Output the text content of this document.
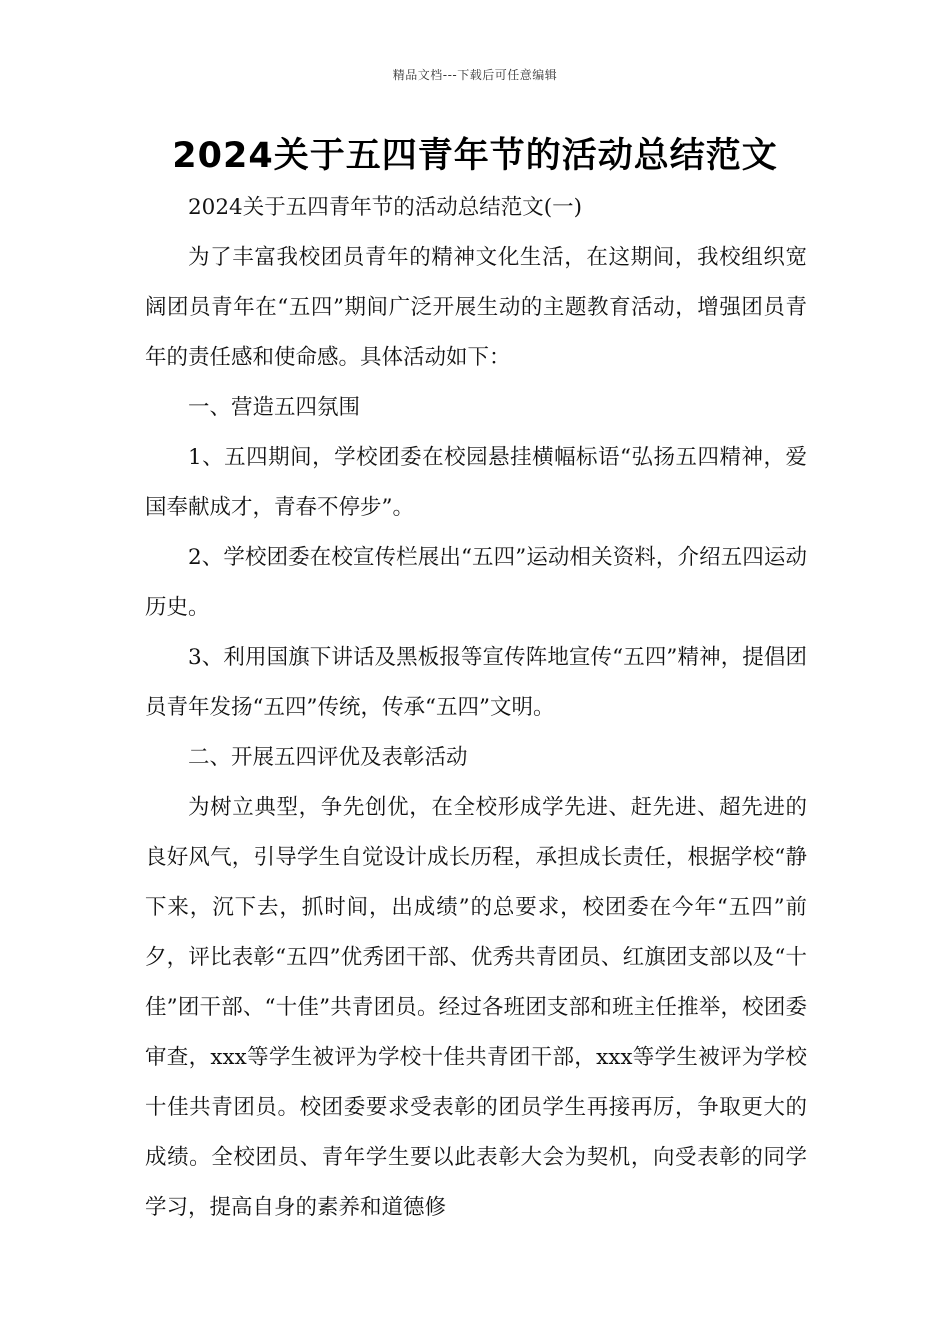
精品文档---下载后可任意编辑
2024关于五四青年节的活动总结范文

2024关于五四青年节的活动总结范文(一)

为了丰富我校团员青年的精神文化生活，在这期间，我校组织宽阔团员青年在“五四”期间广泛开展生动的主题教育活动，增强团员青年的责任感和使命感。具体活动如下：

一、营造五四氛围

1、五四期间，学校团委在校园悬挂横幅标语“弘扬五四精神，爱国奉献成才，青春不停步”。

2、学校团委在校宣传栏展出“五四”运动相关资料，介绍五四运动历史。

3、利用国旗下讲话及黑板报等宣传阵地宣传“五四”精神，提倡团员青年发扬“五四”传统，传承“五四”文明。

二、开展五四评优及表彰活动

为树立典型，争先创优，在全校形成学先进、赶先进、超先进的良好风气，引导学生自觉设计成长历程，承担成长责任，根据学校“静下来，沉下去，抓时间，出成绩”的总要求，校团委在今年“五四”前夕，评比表彰“五四”优秀团干部、优秀共青团员、红旗团支部以及“十佳”团干部、“十佳”共青团员。经过各班团支部和班主任推举，校团委审查，xxx等学生被评为学校十佳共青团干部，xxx等学生被评为学校十佳共青团员。校团委要求受表彰的团员学生再接再厉，争取更大的成绩。全校团员、青年学生要以此表彰大会为契机，向受表彰的同学学习，提高自身的素养和道德修
